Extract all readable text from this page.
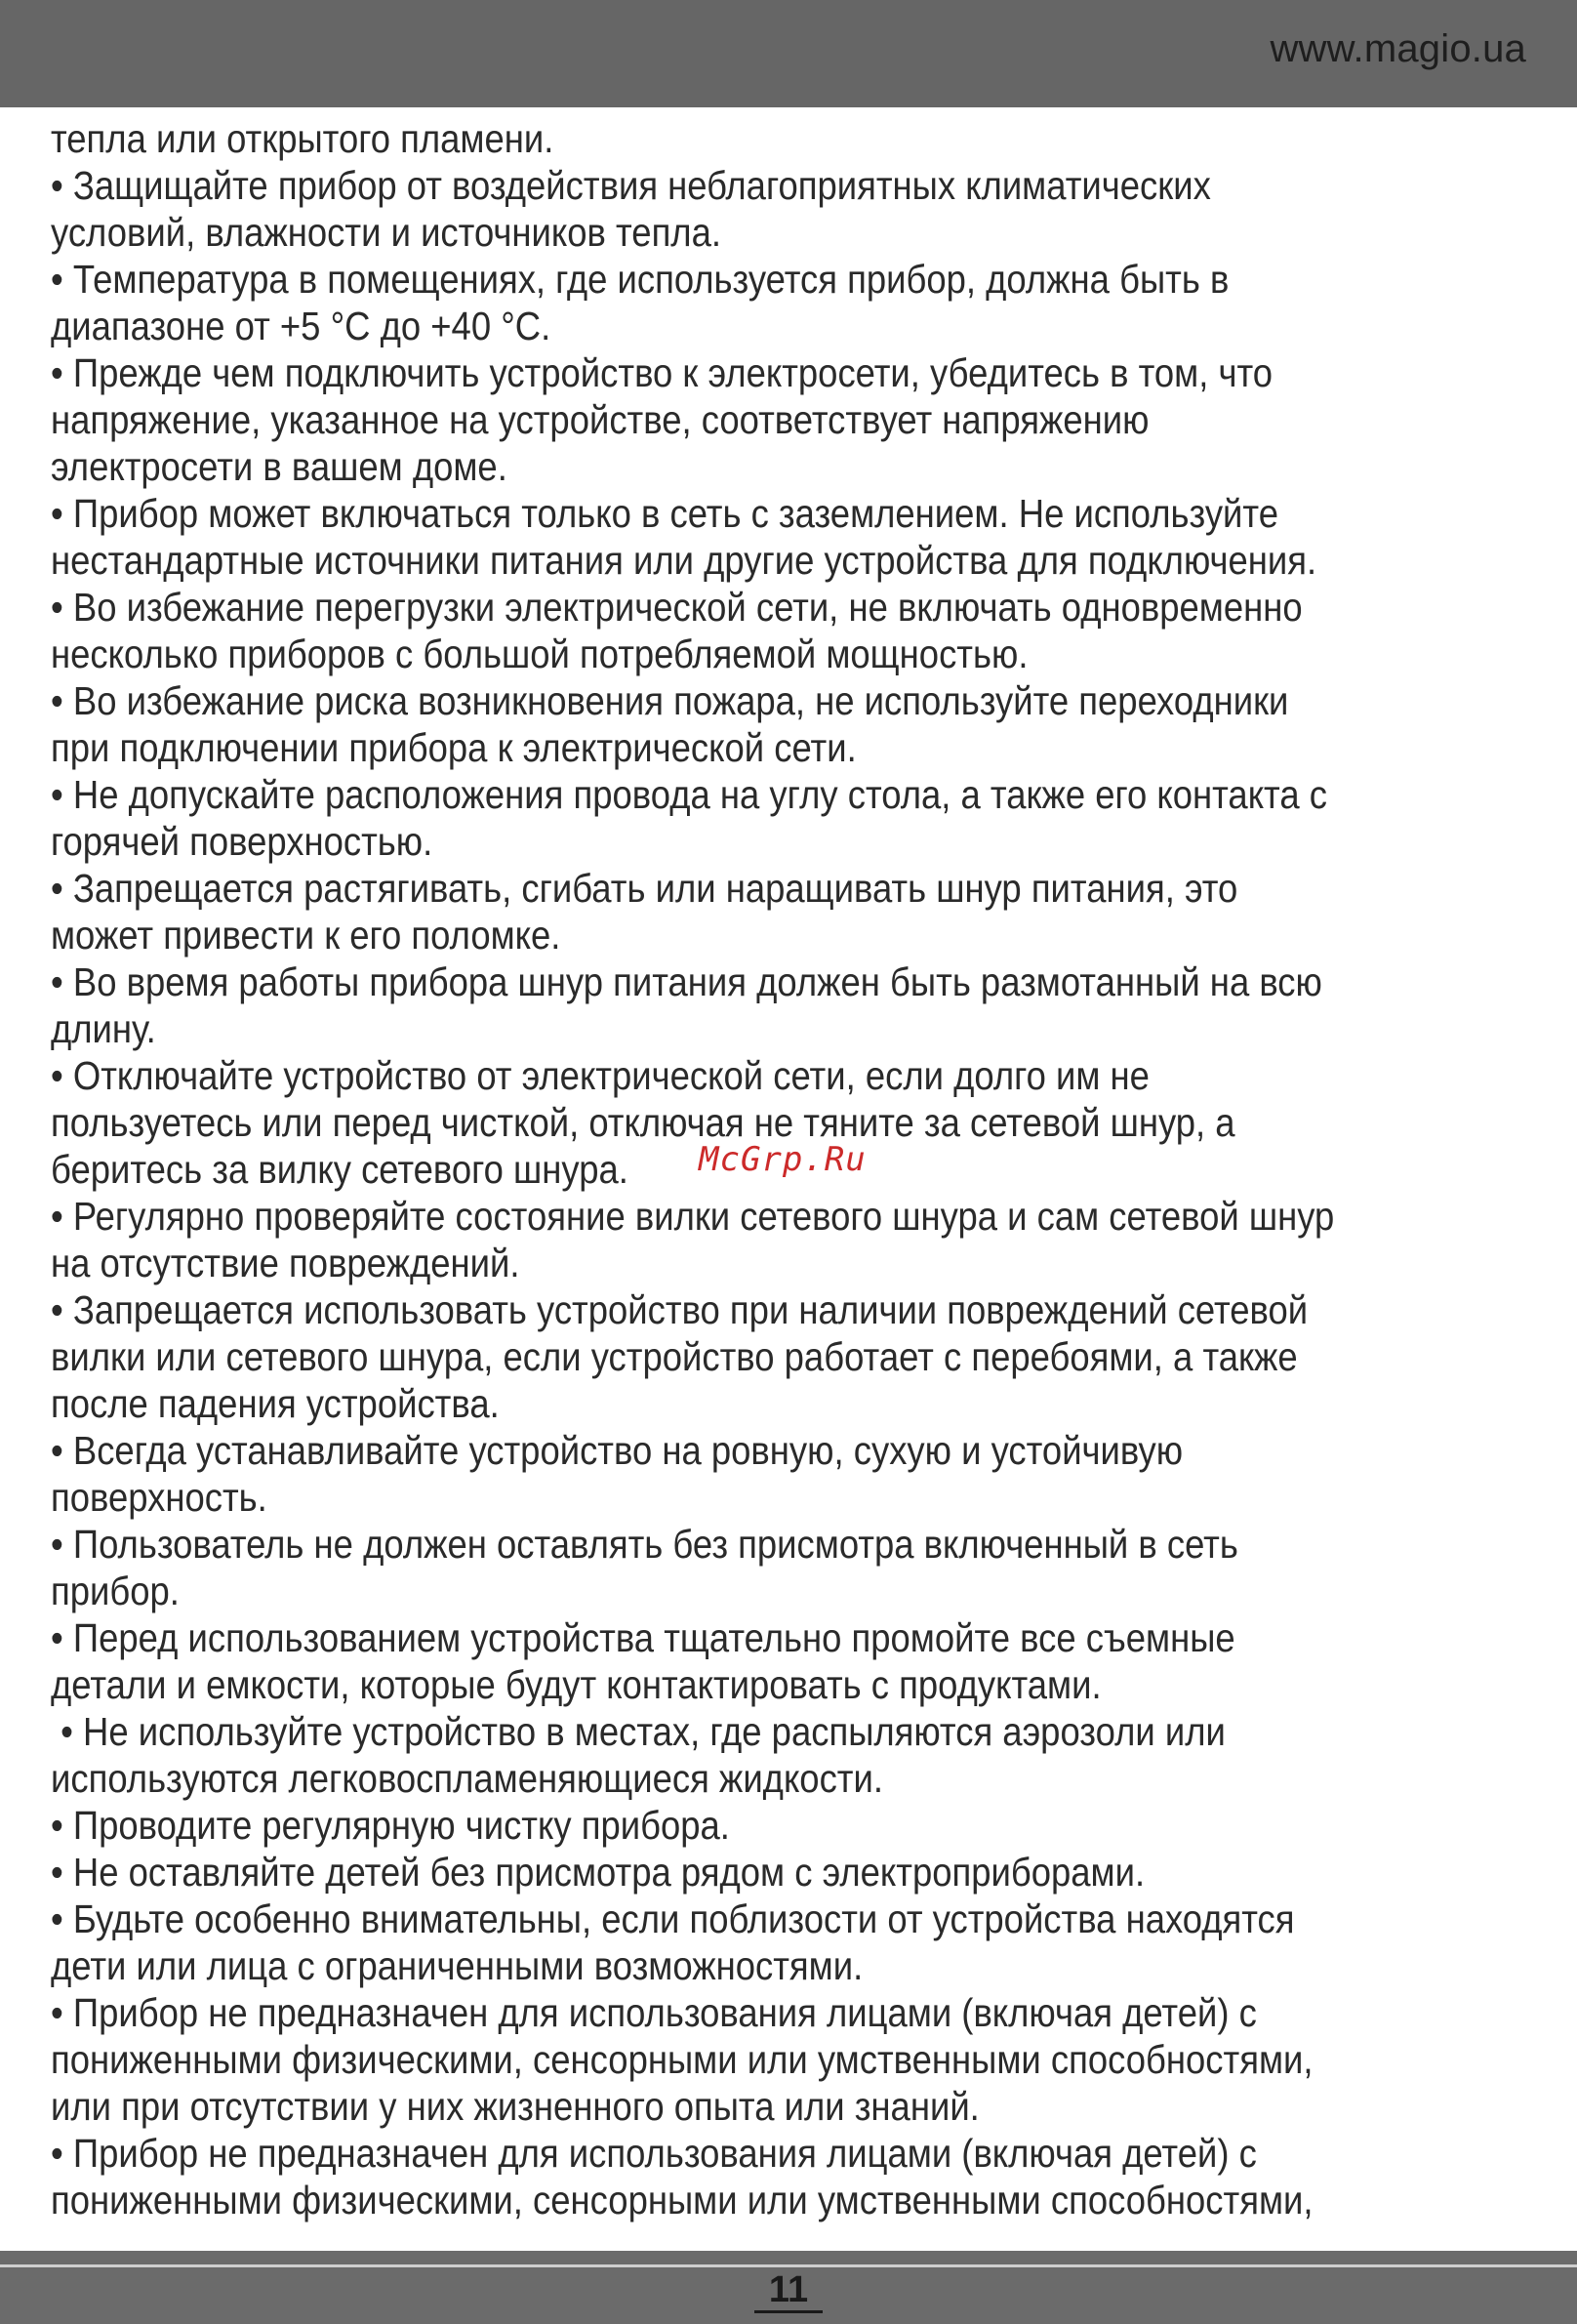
www.magio.ua

тепла или открытого пламени.

• Защищайте прибор от воздействия неблагоприятных климатических

условий, влажности и источников тепла.

• Температура в помещениях, где используется прибор, должна быть в

диапазоне от +5 °С до +40 °С.

• Прежде чем подключить устройство к электросети, убедитесь в том, что

напряжение, указанное на устройстве, соответствует напряжению

электросети в вашем доме.

• Прибор может включаться только в сеть с заземлением. Не используйте

нестандартные источники питания или другие устройства для подключения.

• Во избежание перегрузки электрической сети, не включать одновременно

несколько приборов с большой потребляемой мощностью.

• Во избежание риска возникновения пожара, не используйте переходники

при подключении прибора к электрической сети.

• Не допускайте расположения провода на углу стола, а также его контакта с

горячей поверхностью.

• Запрещается растягивать, сгибать или наращивать шнур питания, это

может привести к его поломке.

• Во время работы прибора шнур питания должен быть размотанный на всю

длину.

• Отключайте устройство от электрической сети, если долго им не

пользуетесь или перед чисткой, отключая не тяните за сетевой шнур, а

беритесь за вилку сетевого шнура.

• Регулярно проверяйте состояние вилки сетевого шнура и сам сетевой шнур

на отсутствие повреждений.

• Запрещается использовать устройство при наличии повреждений сетевой

вилки или сетевого шнура, если устройство работает с перебоями, а также

после падения устройства.

• Всегда устанавливайте устройство на ровную, сухую и устойчивую

поверхность.

• Пользователь не должен оставлять без присмотра включенный в сеть

прибор.

• Перед использованием устройства тщательно промойте все съемные

детали и емкости, которые будут контактировать с продуктами.

• Не используйте устройство в местах, где распыляются аэрозоли или

используются легковоспламеняющиеся жидкости.

• Проводите регулярную чистку прибора.

• Не оставляйте детей без присмотра рядом с электроприборами.

• Будьте особенно внимательны, если поблизости от устройства находятся

дети или лица с ограниченными возможностями.

• Прибор не предназначен для использования лицами (включая детей) с

пониженными физическими, сенсорными или умственными способностями,

или при отсутствии у них жизненного опыта или знаний.

• Прибор не предназначен для использования лицами (включая детей) с

пониженными физическими, сенсорными или умственными способностями,

McGrp.Ru
11
